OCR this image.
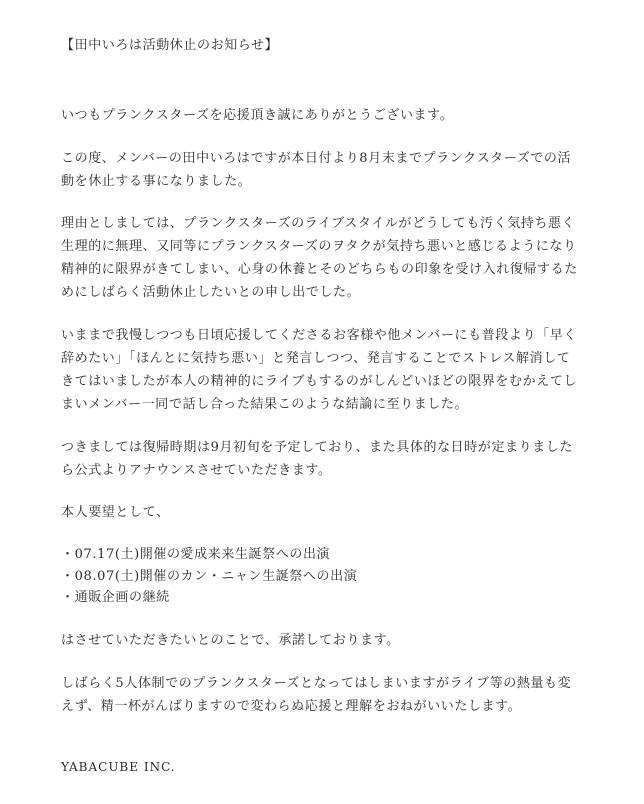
【田中いろは活動休止のお知らせ】

いつもプランクスターズを応援頂き誠にありがとうございます。

この度、メンバーの田中いろはですが本日付より8月末までプランクスターズでの活
動を休止する事になりました。

理由としましては、プランクスターズのライブスタイルがどうしても汚く気持ち悪く
生理的に無理、又同等にプランクスターズのヲタクが気持ち悪いと感じるようになり
精神的に限界がきてしまい、心身の休養とそのどちらもの印象を受け入れ復帰するた
めにしばらく活動休止したいとの申し出でした。

いままで我慢しつつも日頃応援してくださるお客様や他メンバーにも普段より「早く
辞めたい」「ほんとに気持ち悪い」と発言しつつ、発言することでストレス解消して
きてはいましたが本人の精神的にライブもするのがしんどいほどの限界をむかえてし
まいメンバー一同で話し合った結果このような結論に至りました。

つきましては復帰時期は9月初旬を予定しており、また具体的な日時が定まりました
ら公式よりアナウンスさせていただきます。

本人要望として、

・07.17(土)開催の愛成来来生誕祭への出演
・08.07(土)開催のカン・ニャン生誕祭への出演
・通販企画の継続

はさせていただきたいとのことで、承諾しております。

しばらく5人体制でのプランクスターズとなってはしまいますがライブ等の熱量も変
えず、精一杯がんばりますので変わらぬ応援と理解をおねがいいたします。

YABACUBE INC.
